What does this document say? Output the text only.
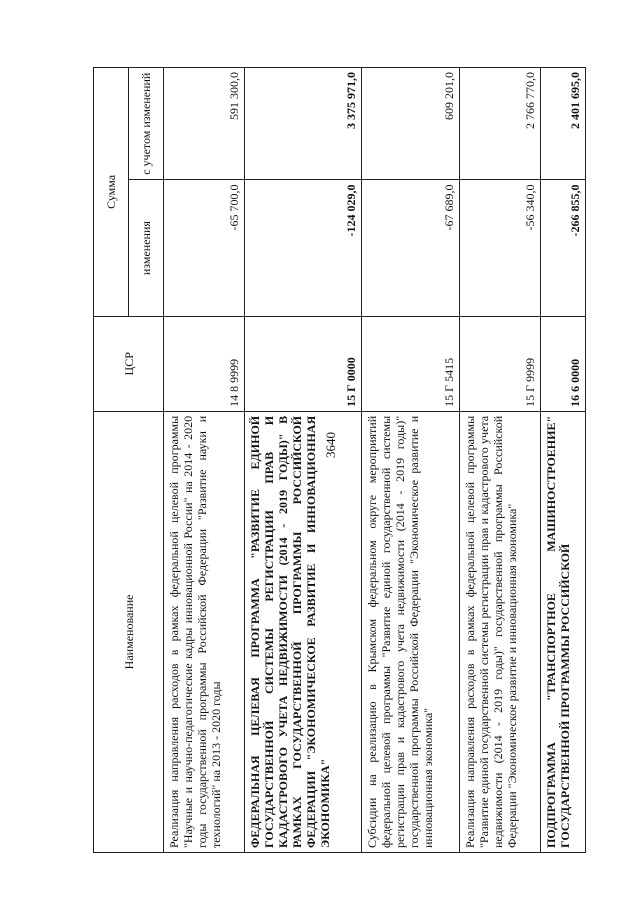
3640
Наименование	ЦСР	Сумма	
		изменения	с учетом изменений
Реализация направления расходов в рамках федеральной целевой программы "Научные и научно-педагогические кадры инновационной России" на 2014 - 2020 годы государственной программы Российской Федерации "Развитие науки и технологий" на 2013 - 2020 годы	14 8 9999	-65 700,0	591 300,0
ФЕДЕРАЛЬНАЯ ЦЕЛЕВАЯ ПРОГРАММА "РАЗВИТИЕ ЕДИНОЙ ГОСУДАРСТВЕННОЙ СИСТЕМЫ РЕГИСТРАЦИИ ПРАВ И КАДАСТРОВОГО УЧЕТА НЕДВИЖИМОСТИ (2014 - 2019 ГОДЫ)" В РАМКАХ ГОСУДАРСТВЕННОЙ ПРОГРАММЫ РОССИЙСКОЙ ФЕДЕРАЦИИ "ЭКОНОМИЧЕСКОЕ РАЗВИТИЕ И ИННОВАЦИОННАЯ ЭКОНОМИКА"	15 Г 0000	-124 029,0	3 375 971,0
Субсидии на реализацию в Крымском федеральном округе мероприятий федеральной целевой программы "Развитие единой государственной системы регистрации прав и кадастрового учета недвижимости (2014 - 2019 годы)" государственной программы Российской Федерации "Экономическое развитие и инновационная экономика"	15 Г 5415	-67 689,0	609 201,0
Реализация направления расходов в рамках федеральной целевой программы "Развитие единой государственной системы регистрации прав и кадастрового учета недвижимости (2014 - 2019 годы)" государственной программы Российской Федерации "Экономическое развитие и инновационная экономика"	15 Г 9999	-56 340,0	2 766 770,0
ПОДПРОГРАММА "ТРАНСПОРТНОЕ МАШИНОСТРОЕНИЕ" ГОСУДАРСТВЕННОЙ ПРОГРАММЫ РОССИЙСКОЙ	16 6 0000	-266 855,0	2 401 695,0
